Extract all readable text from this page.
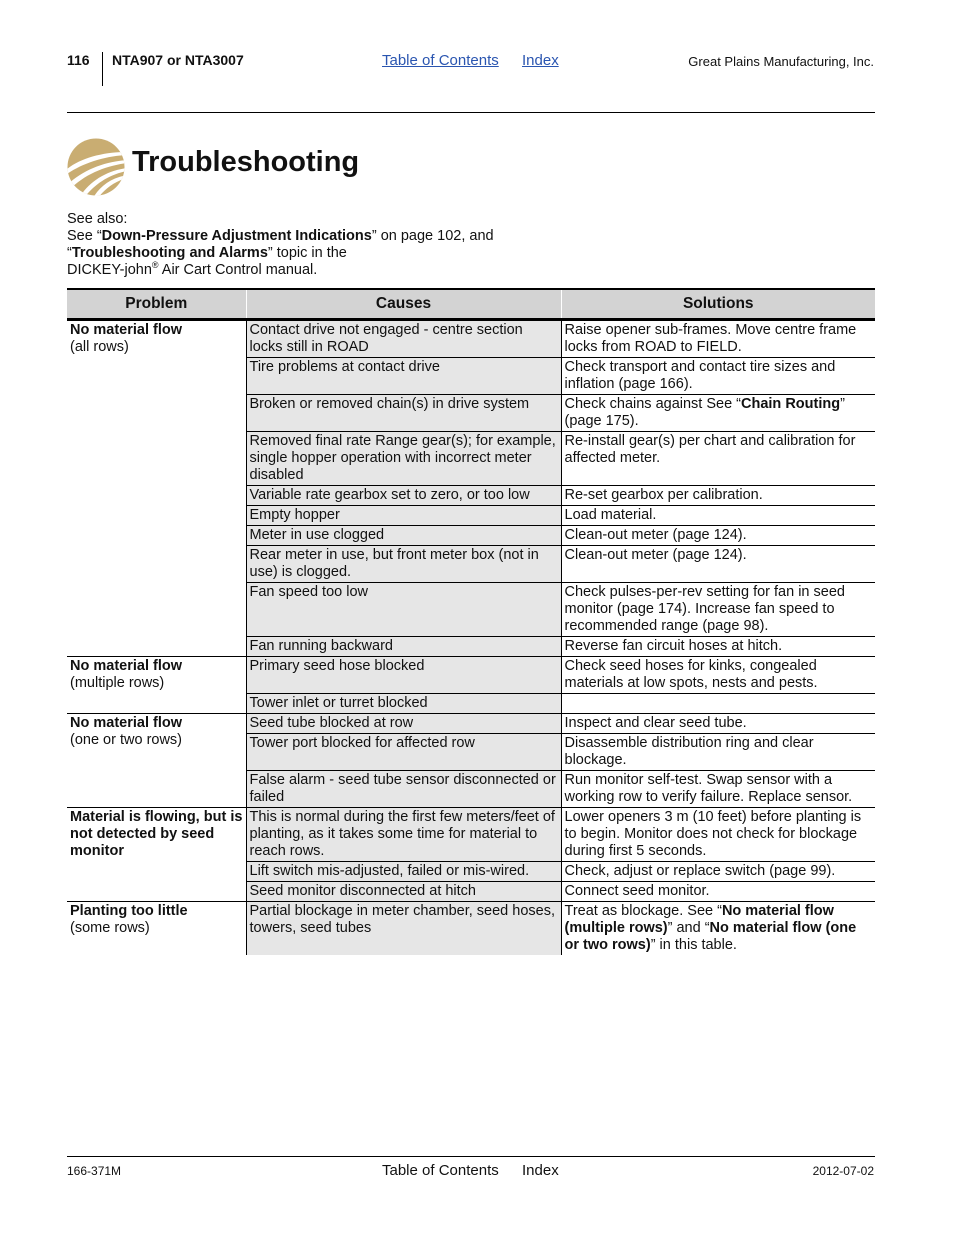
116 NTA907 or NTA3007	Table of Contents Index	Great Plains Manufacturing, Inc.
Troubleshooting
See also:
See “Down-Pressure Adjustment Indications” on page 102, and
“Troubleshooting and Alarms” topic in the
DICKEY-john® Air Cart Control manual.
Problem	Causes	Solutions

No material flow
(all rows)	Contact drive not engaged - centre section locks still in ROAD	Raise opener sub-frames. Move centre frame locks from ROAD to FIELD.
	Tire problems at contact drive	Check transport and contact tire sizes and inflation (page 166).
	Broken or removed chain(s) in drive system	Check chains against See “Chain Routing” (page 175).
	Removed final rate Range gear(s); for example, single hopper operation with incorrect meter disabled	Re-install gear(s) per chart and calibration for affected meter.
	Variable rate gearbox set to zero, or too low	Re-set gearbox per calibration.
	Empty hopper	Load material.
	Meter in use clogged	Clean-out meter (page 124).
	Rear meter in use, but front meter box (not in use) is clogged.	Clean-out meter (page 124).
	Fan speed too low	Check pulses-per-rev setting for fan in seed monitor (page 174). Increase fan speed to recommended range (page 98).
	Fan running backward	Reverse fan circuit hoses at hitch.

No material flow
(multiple rows)	Primary seed hose blocked	Check seed hoses for kinks, congealed materials at low spots, nests and pests.
	Tower inlet or turret blocked	

No material flow
(one or two rows)	Seed tube blocked at row	Inspect and clear seed tube.
	Tower port blocked for affected row	Disassemble distribution ring and clear blockage.
	False alarm - seed tube sensor disconnected or failed	Run monitor self-test. Swap sensor with a working row to verify failure. Replace sensor.

Material is flowing, but is not detected by seed monitor	This is normal during the first few meters/feet of planting, as it takes some time for material to reach rows.	Lower openers 3 m (10 feet) before planting is to begin. Monitor does not check for blockage during first 5 seconds.
	Lift switch mis-adjusted, failed or mis-wired.	Check, adjust or replace switch (page 99).
	Seed monitor disconnected at hitch	Connect seed monitor.

Planting too little
(some rows)	Partial blockage in meter chamber, seed hoses, towers, seed tubes	Treat as blockage. See “No material flow (multiple rows)” and “No material flow (one or two rows)” in this table.
166-371M	Table of Contents Index	2012-07-02
